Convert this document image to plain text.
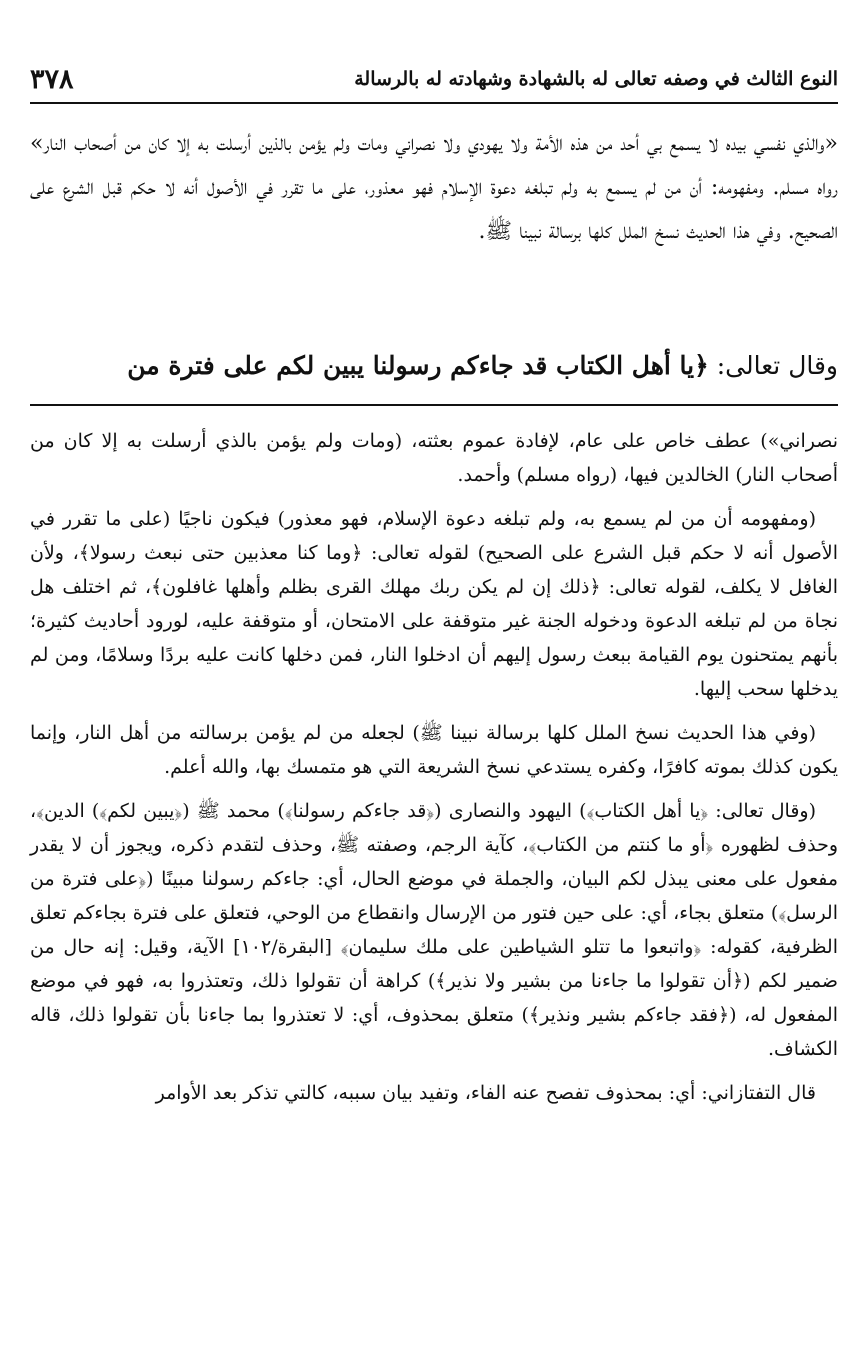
النوع الثالث في وصفه تعالى له بالشهادة وشهادته له بالرسالة
٣٧٨

«والذي نفسي بيده لا يسمع بي أحد من هذه الأمة ولا يهودي ولا نصراني ومات ولم يؤمن بالذين أرسلت به إلا كان من أصحاب النار» رواه مسلم. ومفهومه: أن من لم يسمع به ولم تبلغه دعوة الإسلام فهو معذور، على ما تقرر في الأصول أنه لا حكم قبل الشرع على الصحيح. وفي هذا الحديث نسخ الملل كلها برسالة نبينا ﷺ.

وقال تعالى: ﴿يا أهل الكتاب قد جاءكم رسولنا يبين لكم على فترة من

نصراني») عطف خاص على عام، لإفادة عموم بعثته، (ومات ولم يؤمن بالذي أرسلت به إلا كان من أصحاب النار) الخالدين فيها، (رواه مسلم) وأحمد.

(ومفهومه أن من لم يسمع به، ولم تبلغه دعوة الإسلام، فهو معذور) فيكون ناجيًا (على ما تقرر في الأصول أنه لا حكم قبل الشرع على الصحيح) لقوله تعالى: ﴿وما كنا معذبين حتى نبعث رسولا﴾، ولأن الغافل لا يكلف، لقوله تعالى: ﴿ذلك إن لم يكن ربك مهلك القرى بظلم وأهلها غافلون﴾، ثم اختلف هل نجاة من لم تبلغه الدعوة ودخوله الجنة غير متوقفة على الامتحان، أو متوقفة عليه، لورود أحاديث كثيرة؛ بأنهم يمتحنون يوم القيامة ببعث رسول إليهم أن ادخلوا النار، فمن دخلها كانت عليه بردًا وسلامًا، ومن لم يدخلها سحب إليها.

(وفي هذا الحديث نسخ الملل كلها برسالة نبينا ﷺ) لجعله من لم يؤمن برسالته من أهل النار، وإنما يكون كذلك بموته كافرًا، وكفره يستدعي نسخ الشريعة التي هو متمسك بها، والله أعلم.

(وقال تعالى: ﴿يا أهل الكتاب﴾) اليهود والنصارى (﴿قد جاءكم رسولنا﴾) محمد ﷺ (﴿يبين لكم﴾) الدين﴾، وحذف لظهوره ﴿أو ما كنتم من الكتاب﴾، كآية الرجم، وصفته ﷺ، وحذف لتقدم ذكره، ويجوز أن لا يقدر مفعول على معنى يبذل لكم البيان، والجملة في موضع الحال، أي: جاءكم رسولنا مبينًا (﴿على فترة من الرسل﴾) متعلق بجاء، أي: على حين فتور من الإرسال وانقطاع من الوحي، فتعلق على فترة بجاءكم تعلق الظرفية، كقوله: ﴿واتبعوا ما تتلو الشياطين على ملك سليمان﴾ [البقرة/١٠٢] الآية، وقيل: إنه حال من ضمير لكم (﴿أن تقولوا ما جاءنا من بشير ولا نذير﴾) كراهة أن تقولوا ذلك، وتعتذروا به، فهو في موضع المفعول له، (﴿فقد جاءكم بشير ونذير﴾) متعلق بمحذوف، أي: لا تعتذروا بما جاءنا بأن تقولوا ذلك، قاله الكشاف.

قال التفتازاني: أي: بمحذوف تفصح عنه الفاء، وتفيد بيان سببه، كالتي تذكر بعد الأوامر
